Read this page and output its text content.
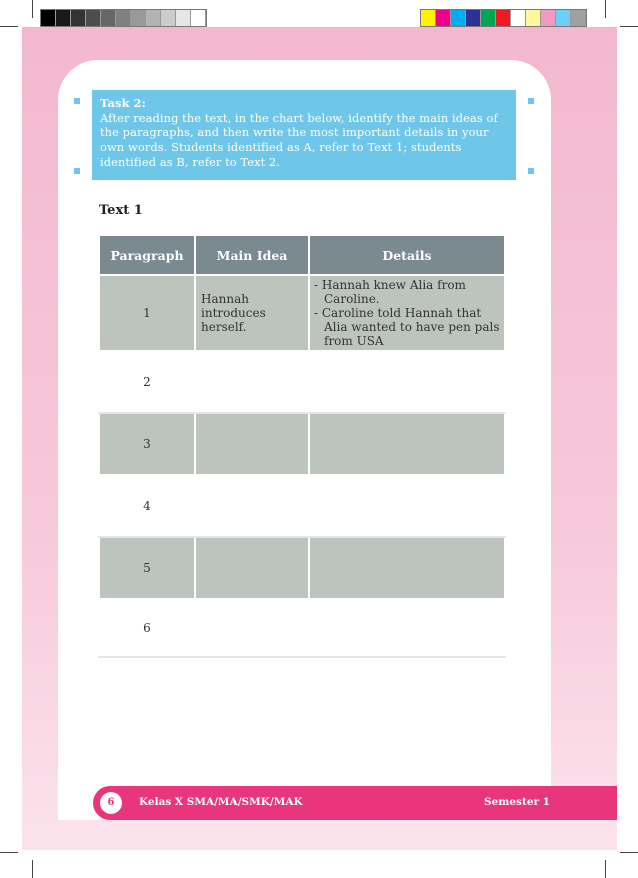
Task 2:
After reading the text, in the chart below, identify the main ideas of the paragraphs, and then write the most important details in your own words. Students identified as A, refer to Text 1; students identified as B, refer to Text 2.
Text 1
Paragraph	Main Idea	Details
1	Hannah introduces herself.	- Hannah knew Alia from Caroline.
- Caroline told Hannah that Alia wanted to have pen pals from USA

2		
3		
4		
5		
6		
6	Kelas X SMA/MA/SMK/MAK	Semester 1
